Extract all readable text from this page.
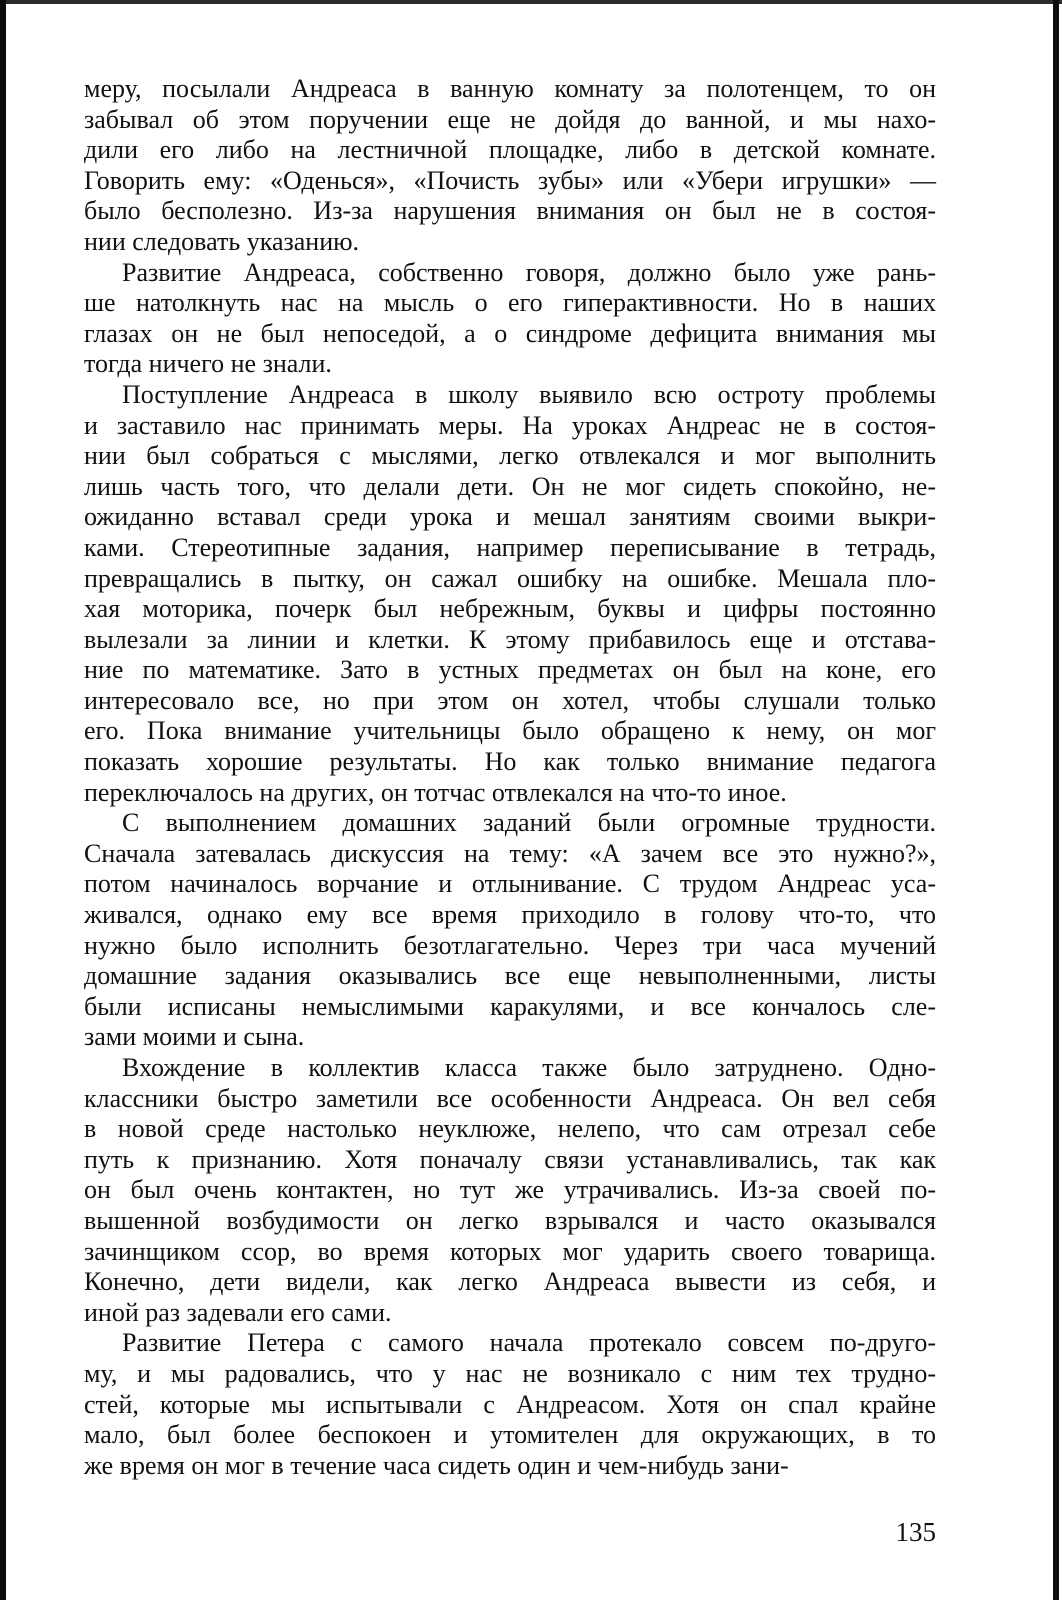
меру, посылали Андреаса в ванную комнату за полотенцем, то он
забывал об этом поручении еще не дойдя до ванной, и мы нахо-
дили его либо на лестничной площадке, либо в детской комнате.
Говорить ему: «Оденься», «Почисть зубы» или «Убери игрушки» —
было бесполезно. Из-за нарушения внимания он был не в состоя-
нии следовать указанию.
Развитие Андреаса, собственно говоря, должно было уже рань-
ше натолкнуть нас на мысль о его гиперактивности. Но в наших
глазах он не был непоседой, а о синдроме дефицита внимания мы
тогда ничего не знали.
Поступление Андреаса в школу выявило всю остроту проблемы
и заставило нас принимать меры. На уроках Андреас не в состоя-
нии был собраться с мыслями, легко отвлекался и мог выполнить
лишь часть того, что делали дети. Он не мог сидеть спокойно, не-
ожиданно вставал среди урока и мешал занятиям своими выкри-
ками. Стереотипные задания, например переписывание в тетрадь,
превращались в пытку, он сажал ошибку на ошибке. Мешала пло-
хая моторика, почерк был небрежным, буквы и цифры постоянно
вылезали за линии и клетки. К этому прибавилось еще и отстава-
ние по математике. Зато в устных предметах он был на коне, его
интересовало все, но при этом он хотел, чтобы слушали только
его. Пока внимание учительницы было обращено к нему, он мог
показать хорошие результаты. Но как только внимание педагога
переключалось на других, он тотчас отвлекался на что-то иное.
С выполнением домашних заданий были огромные трудности.
Сначала затевалась дискуссия на тему: «А зачем все это нужно?»,
потом начиналось ворчание и отлынивание. С трудом Андреас уса-
живался, однако ему все время приходило в голову что-то, что
нужно было исполнить безотлагательно. Через три часа мучений
домашние задания оказывались все еще невыполненными, листы
были исписаны немыслимыми каракулями, и все кончалось сле-
зами моими и сына.
Вхождение в коллектив класса также было затруднено. Одно-
классники быстро заметили все особенности Андреаса. Он вел себя
в новой среде настолько неуклюже, нелепо, что сам отрезал себе
путь к признанию. Хотя поначалу связи устанавливались, так как
он был очень контактен, но тут же утрачивались. Из-за своей по-
вышенной возбудимости он легко взрывался и часто оказывался
зачинщиком ссор, во время которых мог ударить своего товарища.
Конечно, дети видели, как легко Андреаса вывести из себя, и
иной раз задевали его сами.
Развитие Петера с самого начала протекало совсем по-друго-
му, и мы радовались, что у нас не возникало с ним тех трудно-
стей, которые мы испытывали с Андреасом. Хотя он спал крайне
мало, был более беспокоен и утомителен для окружающих, в то
же время он мог в течение часа сидеть один и чем-нибудь зани-
135
